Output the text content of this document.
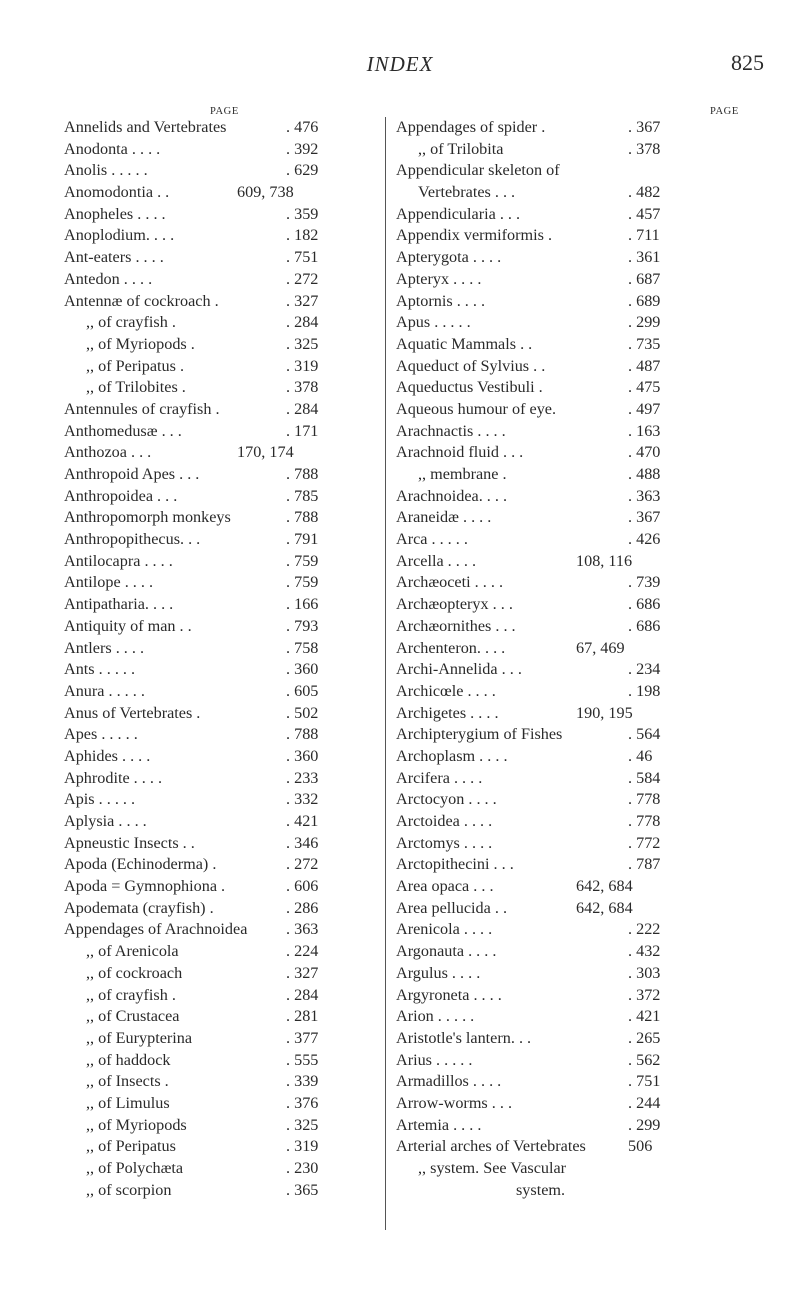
INDEX	825
PAGE	PAGE
Annelids and Vertebrates	. 476
Anodonta . . . .	. 392
Anolis . . . . .	. 629
Anomodontia . .	609, 738
Anopheles . . . .	. 359
Anoplodium. . . .	. 182
Ant-eaters . . . .	. 751
Antedon . . . .	. 272
Antennæ of cockroach .	. 327
,, of crayfish .	. 284
,, of Myriopods .	. 325
,, of Peripatus .	. 319
,, of Trilobites .	. 378
Antennules of crayfish .	. 284
Anthomedusæ . . .	. 171
Anthozoa . . .	170, 174
Anthropoid Apes . . .	. 788
Anthropoidea . . .	. 785
Anthropomorph monkeys	. 788
Anthropopithecus. . .	. 791
Antilocapra . . . .	. 759
Antilope . . . .	. 759
Antipatharia. . . .	. 166
Antiquity of man . .	. 793
Antlers . . . .	. 758
Ants . . . . .	. 360
Anura . . . . .	. 605
Anus of Vertebrates .	. 502
Apes . . . . .	. 788
Aphides . . . .	. 360
Aphrodite . . . .	. 233
Apis . . . . .	. 332
Aplysia . . . .	. 421
Apneustic Insects . .	. 346
Apoda (Echinoderma) .	. 272
Apoda = Gymnophiona .	. 606
Apodemata (crayfish) .	. 286
Appendages of Arachnoidea . 363
,, of Arenicola	. 224
,, of cockroach	. 327
,, of crayfish .	. 284
,, of Crustacea	. 281
,, of Eurypterina	. 377
,, of haddock	. 555
,, of Insects .	. 339
,, of Limulus	. 376
,, of Myriopods	. 325
,, of Peripatus	. 319
,, of Polychæta	. 230
,, of scorpion	. 365
Appendages of spider .	. 367
,, of Trilobita	. 378
Appendicular skeleton of
Vertebrates . . .	. 482
Appendicularia . . .	. 457
Appendix vermiformis .	. 711
Apterygota . . . .	. 361
Apteryx . . . .	. 687
Aptornis . . . .	. 689
Apus . . . . .	. 299
Aquatic Mammals . .	. 735
Aqueduct of Sylvius . .	. 487
Aqueductus Vestibuli .	. 475
Aqueous humour of eye.	. 497
Arachnactis . . . .	. 163
Arachnoid fluid . . .	. 470
,, membrane .	. 488
Arachnoidea. . . .	. 363
Araneidæ . . . .	. 367
Arca . . . . .	. 426
Arcella . . . .	108, 116
Archæoceti . . . .	. 739
Archæopteryx . . .	. 686
Archæornithes . . .	. 686
Archenteron. . . .	67, 469
Archi-Annelida . . .	. 234
Archicœle . . . .	. 198
Archigetes . . . .	190, 195
Archipterygium of Fishes	. 564
Archoplasm . . . .	. 46
Arcifera . . . .	. 584
Arctocyon . . . .	. 778
Arctoidea . . . .	. 778
Arctomys . . . .	. 772
Arctopithecini . . .	. 787
Area opaca . . .	642, 684
Area pellucida . .	642, 684
Arenicola . . . .	. 222
Argonauta . . . .	. 432
Argulus . . . .	. 303
Argyroneta . . . .	. 372
Arion . . . . .	. 421
Aristotle's lantern. . .	. 265
Arius . . . . .	. 562
Armadillos . . . .	. 751
Arrow-worms . . .	. 244
Artemia . . . .	. 299
Arterial arches of Vertebrates	506
,, system. See Vascular
system.
